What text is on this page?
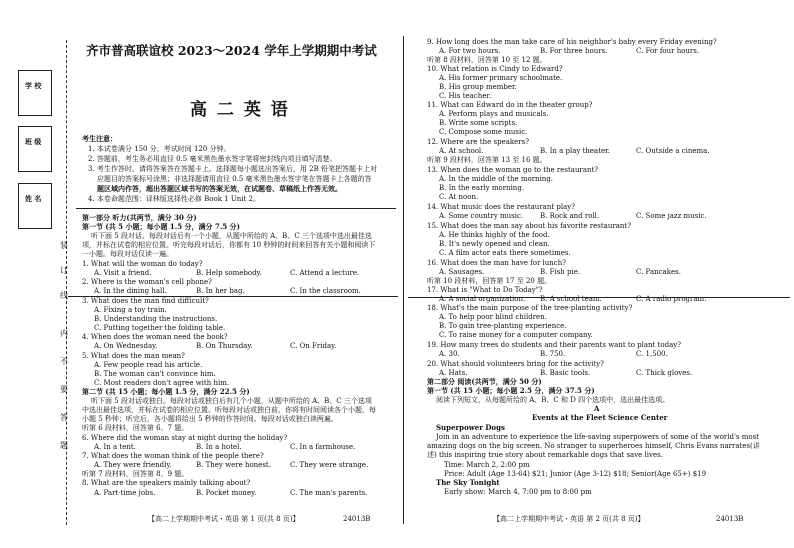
学 校
班 级
姓 名
装
订
线
内
不
要
答
题
齐市普高联谊校 2023～2024 学年上学期期中考试
高 二 英 语
考生注意：
1. 本试卷满分 150 分，考试时间 120 分钟。
2. 答题前，考生务必用直径 0.5 毫米黑色墨水签字笔将密封线内项目填写清楚。
3. 考生作答时，请将答案答在答题卡上。选择题每小题选出答案后，用 2B 铅笔把答题卡上对
应题目的答案标号涂黑；非选择题请用直径 0.5 毫米黑色墨水签字笔在答题卡上各题的答
题区域内作答，超出答题区域书写的答案无效，在试题卷、草稿纸上作答无效。
4. 本卷命题范围：译林版选择性必修 Book 1 Unit 2。
第一部分 听力(共两节，满分 30 分)
第一节 (共 5 小题；每小题 1.5 分，满分 7.5 分)
听下面 5 段对话。每段对话后有一个小题，从题中所给的 A、B、C 三个选项中选出最佳选
项，并标在试卷的相应位置。听完每段对话后，你都有 10 秒钟的时间来回答有关小题和阅读下
一小题。每段对话仅读一遍。
1. What will the woman do today?
A. Visit a friend.	B. Help somebody.	C. Attend a lecture.
2. Where is the woman's cell phone?
A. In the dining hall.	B. In her bag.	C. In the classroom.
3. What does the man find difficult?
A. Fixing a toy train.
B. Understanding the instructions.
C. Putting together the folding table.
4. When does the woman need the book?
A. On Wednesday.	B. On Thursday.	C. On Friday.
5. What does the man mean?
A. Few people read his article.
B. The woman can't convince him.
C. Most readers don't agree with him.
第二节 (共 15 小题；每小题 1.5 分，满分 22.5 分)
听下面 5 段对话或独白。每段对话或独白后有几个小题，从题中所给的 A、B、C 三个选项
中选出最佳选项，并标在试卷的相应位置。听每段对话或独白前，你将有时间阅读各个小题，每
小题 5 秒钟；听完后，各小题将给出 5 秒钟的作答时间。每段对话或独白读两遍。
听第 6 段材料，回答第 6、7 题。
6. Where did the woman stay at night during the holiday?
A. In a tent.	B. In a hotel.	C. In a farmhouse.
7. What does the woman think of the people there?
A. They were friendly.	B. They were honest.	C. They were strange.
听第 7 段材料，回答第 8、9 题。
8. What are the speakers mainly talking about?
A. Part-time jobs.	B. Pocket money.	C. The man's parents.
【高二上学期期中考试・英语 第 1 页(共 8 页)】	24013B
9. How long does the man take care of his neighbor's baby every Friday evening?
A. For two hours.	B. For three hours.	C. For four hours.
听第 8 段材料，回答第 10 至 12 题。
10. What relation is Cindy to Edward?
A. His former primary schoolmate.
B. His group member.
C. His teacher.
11. What can Edward do in the theater group?
A. Perform plays and musicals.
B. Write some scripts.
C. Compose some music.
12. Where are the speakers?
A. At school.	B. In a play theater.	C. Outside a cinema.
听第 9 段材料，回答第 13 至 16 题。
13. When does the woman go to the restaurant?
A. In the middle of the morning.
B. In the early morning.
C. At noon.
14. What music does the restaurant play?
A. Some country music. B. Rock and roll.	C. Some jazz music.
15. What does the man say about his favorite restaurant?
A. He thinks highly of the food.
B. It's newly opened and clean.
C. A film actor eats there sometimes.
16. What does the man have for lunch?
A. Sausages.	B. Fish pie.	C. Pancakes.
听第 10 段材料，回答第 17 至 20 题。
17. What is "What to Do Today"?
A. A social organization. B. A school team.	C. A radio program.
18. What's the main purpose of the tree-planting activity?
A. To help poor blind children.
B. To gain tree-planting experience.
C. To raise money for a computer company.
19. How many trees do students and their parents want to plant today?
A. 30.	B. 750.	C. 1,500.
20. What should volunteers bring for the activity?
A. Hats.	B. Basic tools.	C. Thick gloves.
第二部分 阅读(共两节，满分 50 分)
第一节 (共 15 小题；每小题 2.5 分，满分 37.5 分)
阅读下列短文，从每题所给的 A、B、C 和 D 四个选项中，选出最佳选项。
A
Events at the Fleet Science Center
Superpower Dogs
Join in an adventure to experience the life-saving superpowers of some of the world's most
amazing dogs on the big screen. No stranger to superheroes himself, Chris Evans narrates(讲
述) this inspiring true story about remarkable dogs that save lives.
Time: March 2, 2:00 pm
Price: Adult (Age 13-64) $21; Junior (Age 3-12) $18; Senior(Age 65+) $19
The Sky Tonight
Early show: March 4, 7:00 pm to 8:00 pm
【高二上学期期中考试・英语 第 2 页(共 8 页)】	24013B
